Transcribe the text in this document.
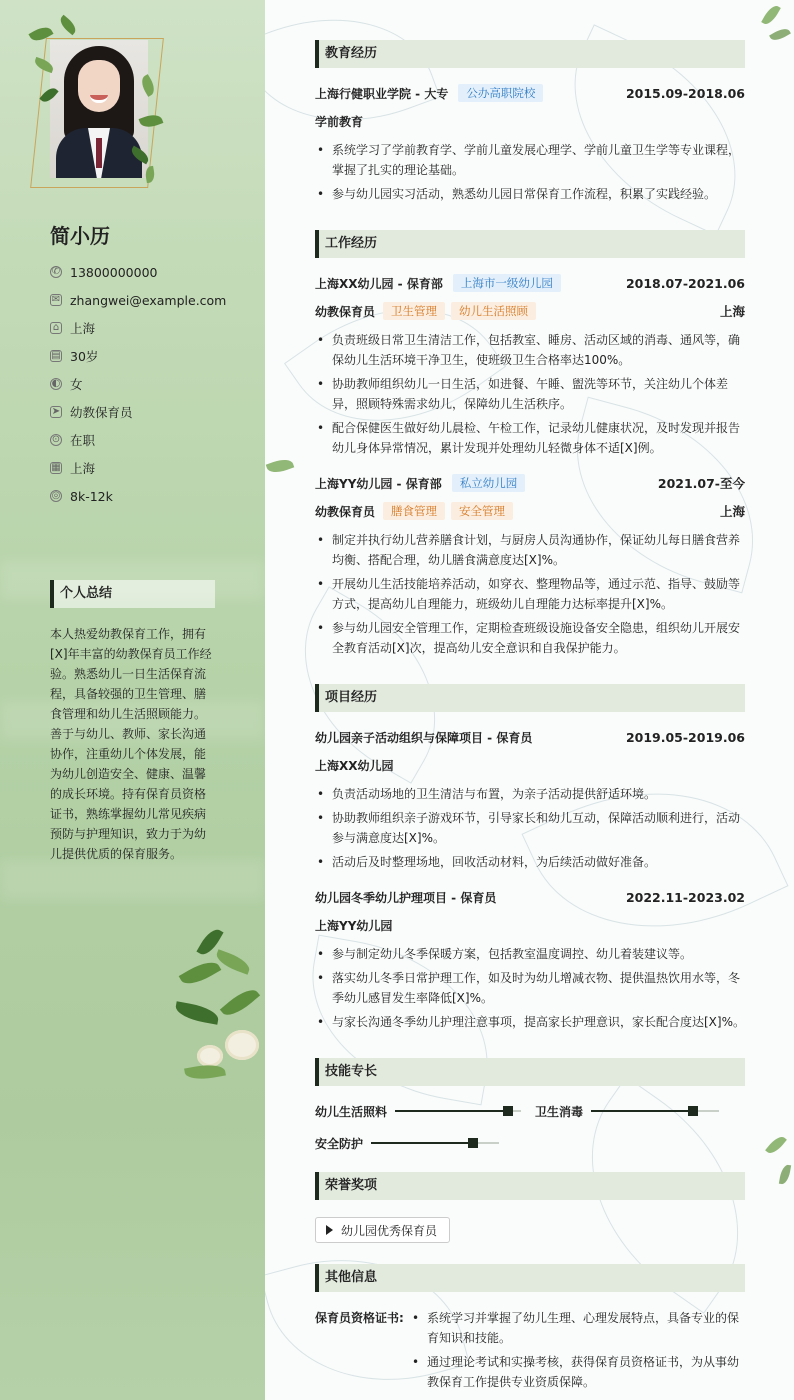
简小历
✆ 13800000000
✉ zhangwei@example.com
⌂ 上海
▤ 30岁
◐ 女
➤ 幼教保育员
⊙ 在职
▦ 上海
◎ 8k-12k
个人总结
本人热爱幼教保育工作，拥有[X]年丰富的幼教保育员工作经验。熟悉幼儿一日生活保育流程，具备较强的卫生管理、膳食管理和幼儿生活照顾能力。善于与幼儿、教师、家长沟通协作，注重幼儿个体发展，能为幼儿创造安全、健康、温馨的成长环境。持有保育员资格证书，熟练掌握幼儿常见疾病预防与护理知识，致力于为幼儿提供优质的保育服务。
教育经历
上海行健职业学院 - 大专	公办高职院校	2015.09-2018.06
学前教育
• 系统学习了学前教育学、学前儿童发展心理学、学前儿童卫生学等专业课程，掌握了扎实的理论基础。
• 参与幼儿园实习活动，熟悉幼儿园日常保育工作流程，积累了实践经验。
工作经历
上海XX幼儿园 - 保育部	上海市一级幼儿园	2018.07-2021.06
幼教保育员	卫生管理	幼儿生活照顾	上海
• 负责班级日常卫生清洁工作，包括教室、睡房、活动区域的消毒、通风等，确保幼儿生活环境干净卫生，使班级卫生合格率达100%。
• 协助教师组织幼儿一日生活，如进餐、午睡、盥洗等环节，关注幼儿个体差异，照顾特殊需求幼儿，保障幼儿生活秩序。
• 配合保健医生做好幼儿晨检、午检工作，记录幼儿健康状况，及时发现并报告幼儿身体异常情况，累计发现并处理幼儿轻微身体不适[X]例。
上海YY幼儿园 - 保育部	私立幼儿园	2021.07-至今
幼教保育员	膳食管理	安全管理	上海
• 制定并执行幼儿营养膳食计划，与厨房人员沟通协作，保证幼儿每日膳食营养均衡、搭配合理，幼儿膳食满意度达[X]%。
• 开展幼儿生活技能培养活动，如穿衣、整理物品等，通过示范、指导、鼓励等方式，提高幼儿自理能力，班级幼儿自理能力达标率提升[X]%。
• 参与幼儿园安全管理工作，定期检查班级设施设备安全隐患，组织幼儿开展安全教育活动[X]次，提高幼儿安全意识和自我保护能力。
项目经历
幼儿园亲子活动组织与保障项目 - 保育员	2019.05-2019.06
上海XX幼儿园
• 负责活动场地的卫生清洁与布置，为亲子活动提供舒适环境。
• 协助教师组织亲子游戏环节，引导家长和幼儿互动，保障活动顺利进行，活动参与满意度达[X]%。
• 活动后及时整理场地，回收活动材料，为后续活动做好准备。
幼儿园冬季幼儿护理项目 - 保育员	2022.11-2023.02
上海YY幼儿园
• 参与制定幼儿冬季保暖方案，包括教室温度调控、幼儿着装建议等。
• 落实幼儿冬季日常护理工作，如及时为幼儿增减衣物、提供温热饮用水等，冬季幼儿感冒发生率降低[X]%。
• 与家长沟通冬季幼儿护理注意事项，提高家长护理意识，家长配合度达[X]%。
技能专长
幼儿生活照料	卫生消毒
安全防护
荣誉奖项
幼儿园优秀保育员
其他信息
保育员资格证书:
•	系统学习并掌握了幼儿生理、心理发展特点，具备专业的保育知识和技能。
• 通过理论考试和实操考核，获得保育员资格证书，为从事幼教保育工作提供专业资质保障。
